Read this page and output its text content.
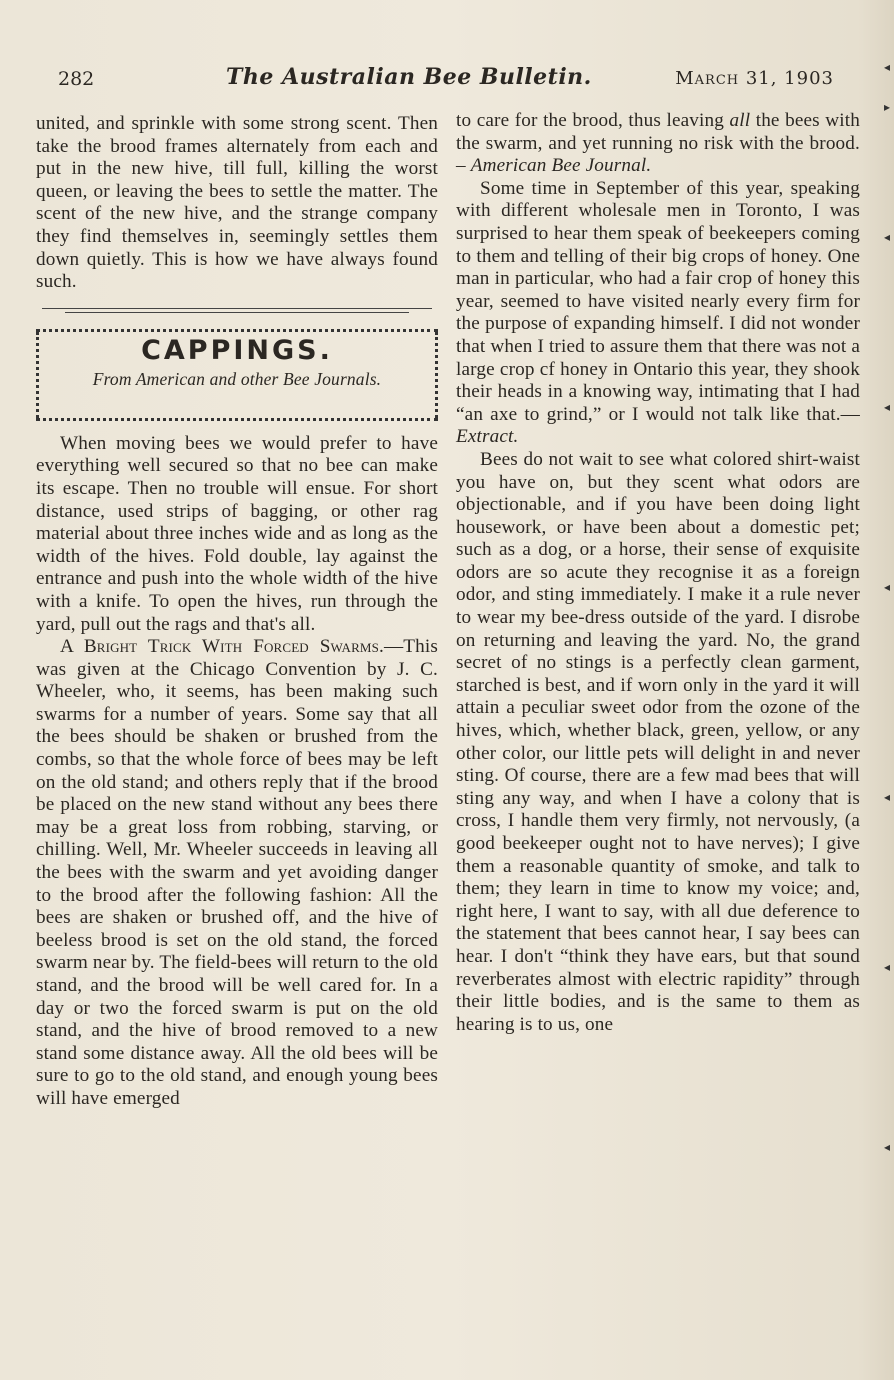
282	The Australian Bee Bulletin.	March 31, 1903

united, and sprinkle with some strong scent. Then take the brood frames alternately from each and put in the new hive, till full, killing the worst queen, or leaving the bees to settle the matter. The scent of the new hive, and the strange company they find themselves in, seemingly settles them down quietly. This is how we have always found such.

CAPPINGS.
From American and other Bee Journals.

When moving bees we would prefer to have everything well secured so that no bee can make its escape. Then no trouble will ensue. For short distance, used strips of bagging, or other rag material about three inches wide and as long as the width of the hives. Fold double, lay against the entrance and push into the whole width of the hive with a knife. To open the hives, run through the yard, pull out the rags and that's all.

A Bright Trick With Forced Swarms.—This was given at the Chicago Convention by J. C. Wheeler, who, it seems, has been making such swarms for a number of years. Some say that all the bees should be shaken or brushed from the combs, so that the whole force of bees may be left on the old stand; and others reply that if the brood be placed on the new stand without any bees there may be a great loss from robbing, starving, or chilling. Well, Mr. Wheeler succeeds in leaving all the bees with the swarm and yet avoiding danger to the brood after the following fashion: All the bees are shaken or brushed off, and the hive of beeless brood is set on the old stand, the forced swarm near by. The field-bees will return to the old stand, and the brood will be well cared for. In a day or two the forced swarm is put on the old stand, and the hive of brood removed to a new stand some distance away. All the old bees will be sure to go to the old stand, and enough young bees will have emerged

to care for the brood, thus leaving all the bees with the swarm, and yet running no risk with the brood. – American Bee Journal.

Some time in September of this year, speaking with different wholesale men in Toronto, I was surprised to hear them speak of beekeepers coming to them and telling of their big crops of honey. One man in particular, who had a fair crop of honey this year, seemed to have visited nearly every firm for the purpose of expanding himself. I did not wonder that when I tried to assure them that there was not a large crop cf honey in Ontario this year, they shook their heads in a knowing way, intimating that I had “an axe to grind,” or I would not talk like that.—Extract.

Bees do not wait to see what colored shirt-waist you have on, but they scent what odors are objectionable, and if you have been doing light housework, or have been about a domestic pet; such as a dog, or a horse, their sense of exquisite odors are so acute they recognise it as a foreign odor, and sting immediately. I make it a rule never to wear my bee-dress outside of the yard. I disrobe on returning and leaving the yard. No, the grand secret of no stings is a perfectly clean garment, starched is best, and if worn only in the yard it will attain a peculiar sweet odor from the ozone of the hives, which, whether black, green, yellow, or any other color, our little pets will delight in and never sting. Of course, there are a few mad bees that will sting any way, and when I have a colony that is cross, I handle them very firmly, not nervously, (a good beekeeper ought not to have nerves); I give them a reasonable quantity of smoke, and talk to them; they learn in time to know my voice; and, right here, I want to say, with all due deference to the statement that bees cannot hear, I say bees can hear. I don't “think they have ears, but that sound reverberates almost with electric rapidity” through their little bodies, and is the same to them as hearing is to us, one

◂
▸
◂
◂
◂
◂
◂
◂
